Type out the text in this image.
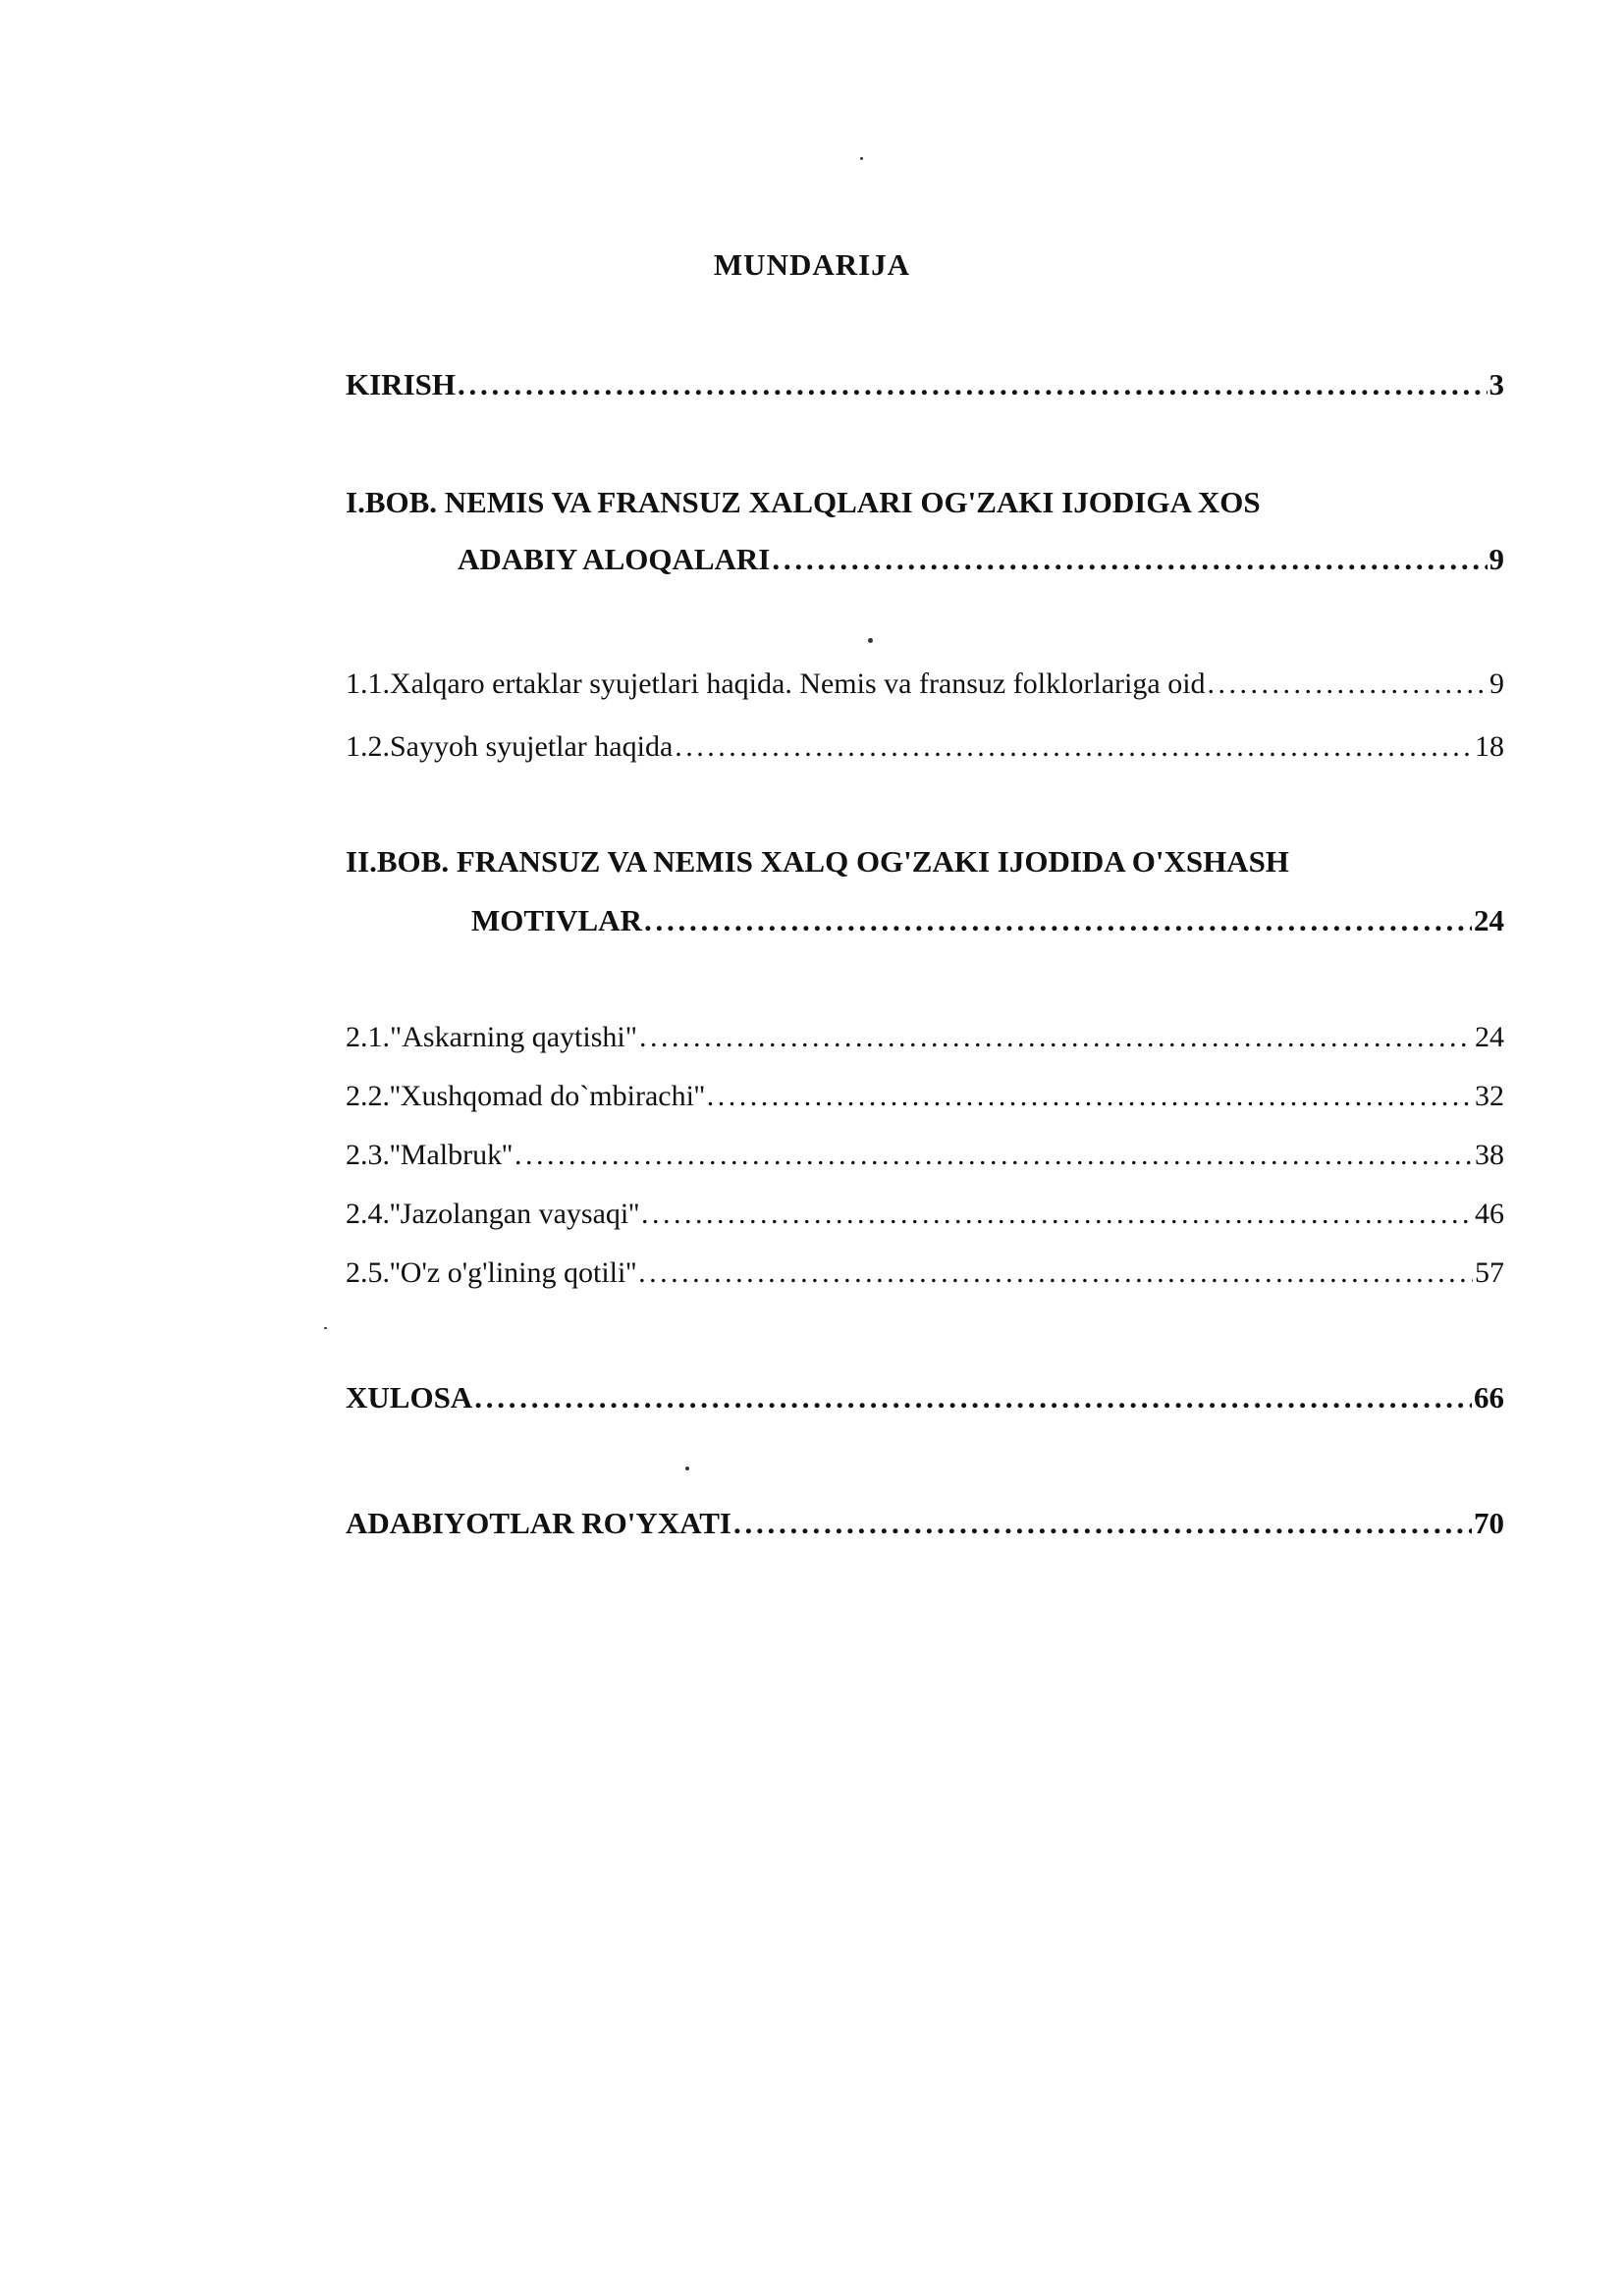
MUNDARIJA
KIRISH . . .	3
I.BOB. NEMIS VA FRANSUZ XALQLARI OG'ZAKI IJODIGA XOS
ADABIY ALOQALARI . . .	9
1.1.Xalqaro ertaklar syujetlari haqida. Nemis va fransuz folklorlariga oid . . .	9
1.2.Sayyoh syujetlar haqida . . .	18
II.BOB. FRANSUZ VA NEMIS XALQ OG'ZAKI IJODIDA O'XSHASH
MOTIVLAR . . .	24
2.1."Askarning qaytishi" . . .	24
2.2.''Xushqomad do`mbirachi'' . . .	32
2.3.''Malbruk'' . . .	38
2.4.''Jazolangan vaysaqi'' . . .	46
2.5.''O'z o'g'lining qotili'' . . .	57
XULOSA . . .	66
ADABIYOTLAR RO'YXATI . . .	70
